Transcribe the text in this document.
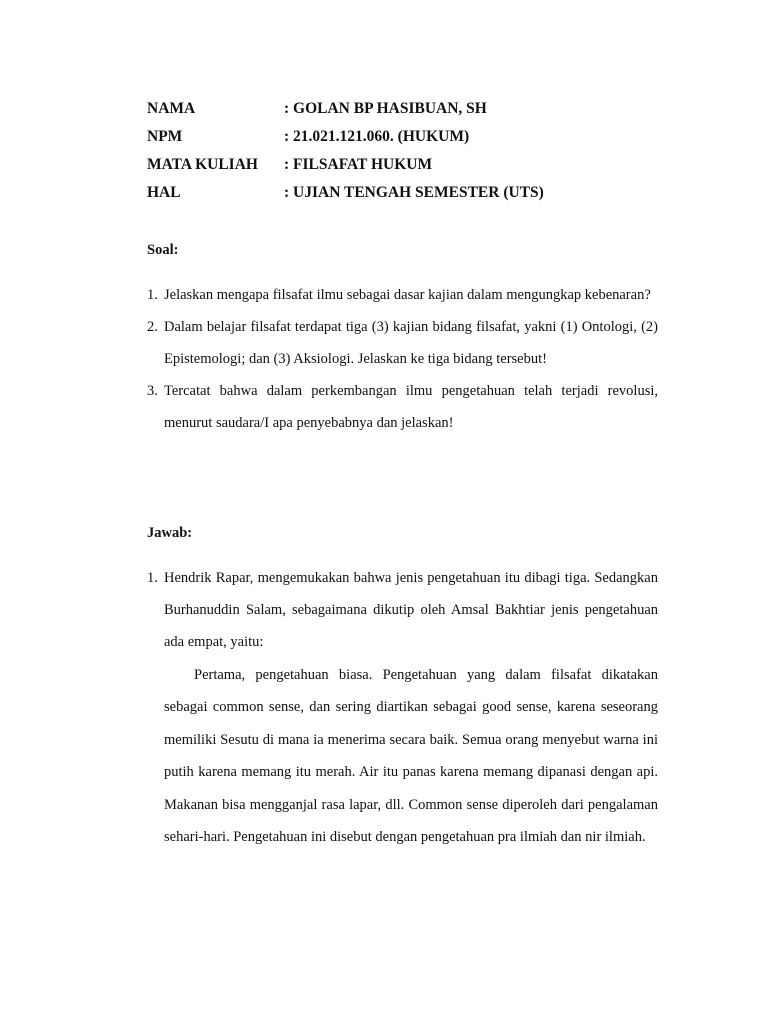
NAMA	: GOLAN BP HASIBUAN, SH
NPM	: 21.021.121.060. (HUKUM)
MATA KULIAH : FILSAFAT HUKUM
HAL	: UJIAN TENGAH SEMESTER (UTS)
Soal:
1. Jelaskan mengapa filsafat ilmu sebagai dasar kajian dalam mengungkap kebenaran?
2. Dalam belajar filsafat terdapat tiga (3) kajian bidang filsafat, yakni (1) Ontologi, (2) Epistemologi; dan (3) Aksiologi. Jelaskan ke tiga bidang tersebut!
3. Tercatat bahwa dalam perkembangan ilmu pengetahuan telah terjadi revolusi, menurut saudara/I apa penyebabnya dan jelaskan!
Jawab:
1. Hendrik Rapar, mengemukakan bahwa jenis pengetahuan itu dibagi tiga. Sedangkan Burhanuddin Salam, sebagaimana dikutip oleh Amsal Bakhtiar jenis pengetahuan ada empat, yaitu:

Pertama, pengetahuan biasa. Pengetahuan yang dalam filsafat dikatakan sebagai common sense, dan sering diartikan sebagai good sense, karena seseorang memiliki Sesutu di mana ia menerima secara baik. Semua orang menyebut warna ini putih karena memang itu merah. Air itu panas karena memang dipanasi dengan api. Makanan bisa mengganjal rasa lapar, dll. Common sense diperoleh dari pengalaman sehari-hari. Pengetahuan ini disebut dengan pengetahuan pra ilmiah dan nir ilmiah.
